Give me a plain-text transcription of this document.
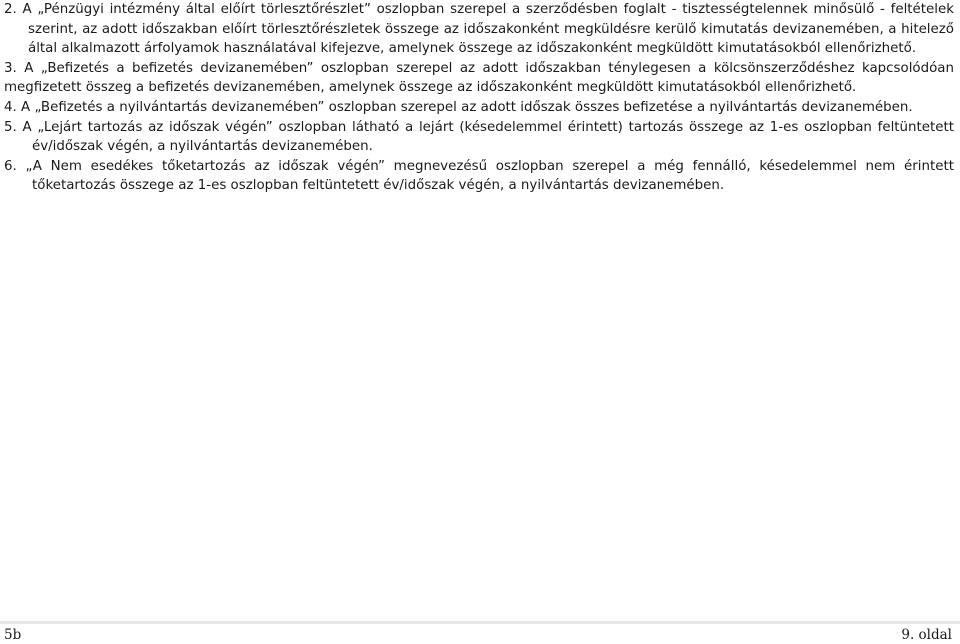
2. A „Pénzügyi intézmény által előírt törlesztőrészlet” oszlopban szerepel a szerződésben foglalt - tisztességtelennek minősülő - feltételek szerint, az adott időszakban előírt törlesztőrészletek összege az időszakonként megküldésre kerülő kimutatás devizanemében, a hitelező által alkalmazott árfolyamok használatával kifejezve, amelynek összege az időszakonként megküldött kimutatásokból ellenőrizhető.

3. A „Befizetés a befizetés devizanemében” oszlopban szerepel az adott időszakban ténylegesen a kölcsönszerződéshez kapcsolódóan megfizetett összeg a befizetés devizanemében, amelynek összege az időszakonként megküldött kimutatásokból ellenőrizhető.

4. A „Befizetés a nyilvántartás devizanemében” oszlopban szerepel az adott időszak összes befizetése a nyilvántartás devizanemében.

5. A „Lejárt tartozás az időszak végén” oszlopban látható a lejárt (késedelemmel érintett) tartozás összege az 1-es oszlopban feltüntetett év/időszak végén, a nyilvántartás devizanemében.

6. „A Nem esedékes tőketartozás az időszak végén” megnevezésű oszlopban szerepel a még fennálló, késedelemmel nem érintett tőketartozás összege az 1-es oszlopban feltüntetett év/időszak végén, a nyilvántartás devizanemében.

5b	9. oldal
